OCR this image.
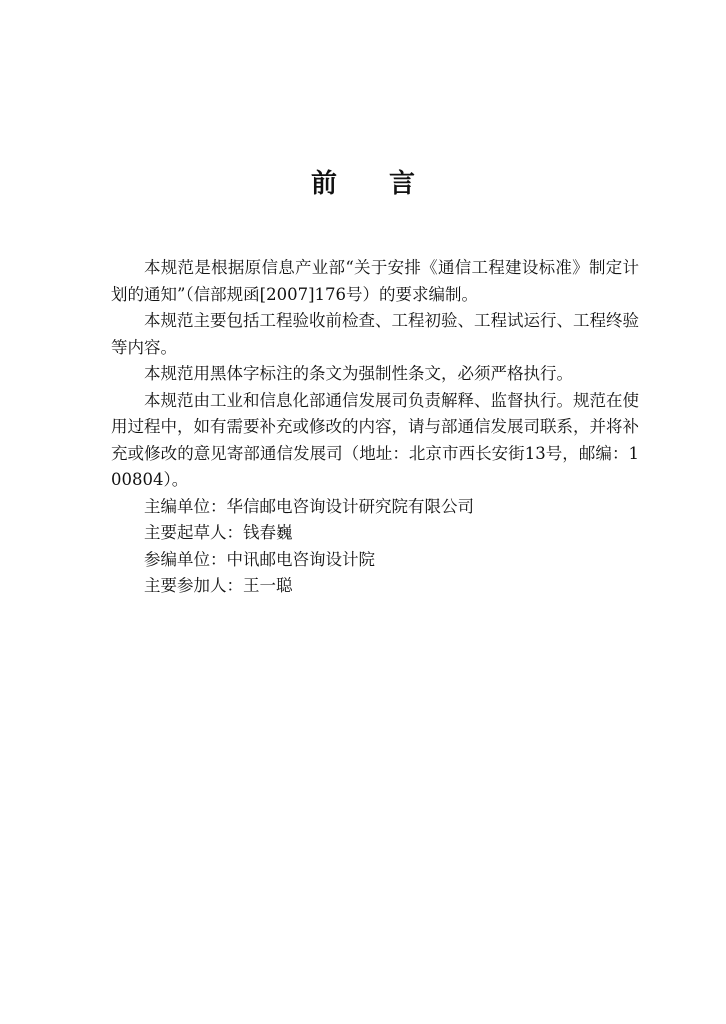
前 言

本规范是根据原信息产业部“关于安排《通信工程建设标准》制定计划的通知”（信部规函[2007]176号）的要求编制。

本规范主要包括工程验收前检查、工程初验、工程试运行、工程终验等内容。

本规范用黑体字标注的条文为强制性条文，必须严格执行。

本规范由工业和信息化部通信发展司负责解释、监督执行。规范在使用过程中，如有需要补充或修改的内容，请与部通信发展司联系，并将补充或修改的意见寄部通信发展司（地址：北京市西长安街13号，邮编：100804）。

主编单位：华信邮电咨询设计研究院有限公司

主要起草人：钱春巍

参编单位：中讯邮电咨询设计院

主要参加人：王一聪
